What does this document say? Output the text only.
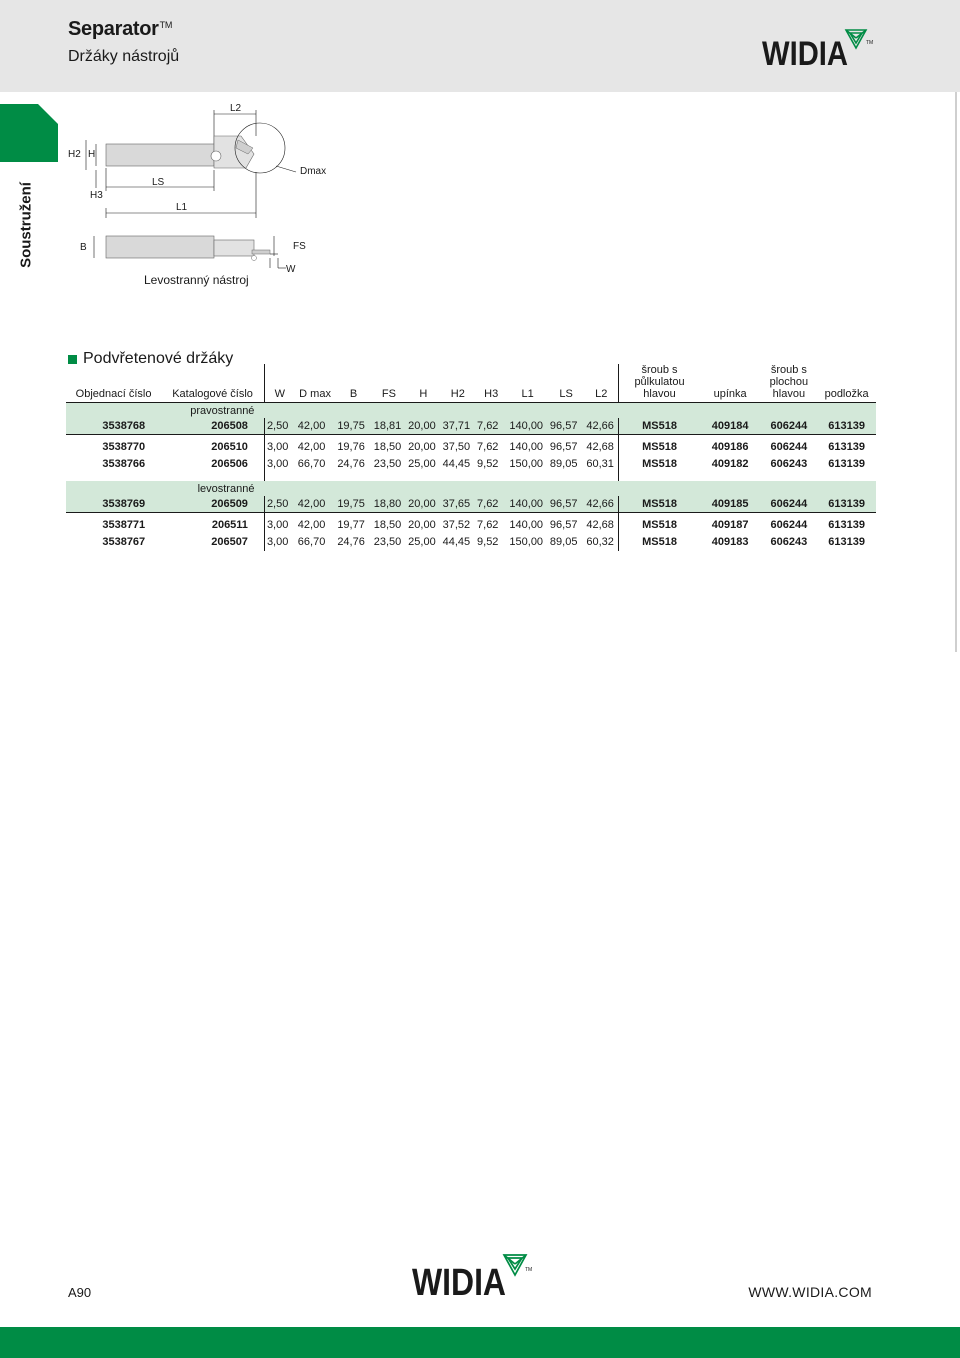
Separator™
Držáky nástrojů	WIDIA	TM
Soustružení
L2
Dmax
H2 H
LS
H3
L1
B	FS
W
Levostranný nástroj
Podvřetenové držáky
Objednací číslo	Katalogové číslo	W	D max	B	FS	H	H2	H3	L1	LS	L2	šroub s
půlkulatou
hlavou	upínka	šroub s
plochou
hlavou	podložka
	pravostranné														
3538768	206508	2,50	42,00	19,75	18,81	20,00	37,71	7,62	140,00	96,57	42,66	MS518	409184	606244	613139

3538770	206510	3,00	42,00	19,76	18,50	20,00	37,50	7,62	140,00	96,57	42,68	MS518	409186	606244	613139
3538766	206506	3,00	66,70	24,76	23,50	25,00	44,45	9,52	150,00	89,05	60,31	MS518	409182	606243	613139

	levostranné														
3538769	206509	2,50	42,00	19,75	18,80	20,00	37,65	7,62	140,00	96,57	42,66	MS518	409185	606244	613139

3538771	206511	3,00	42,00	19,77	18,50	20,00	37,52	7,62	140,00	96,57	42,68	MS518	409187	606244	613139
3538767	206507	3,00	66,70	24,76	23,50	25,00	44,45	9,52	150,00	89,05	60,32	MS518	409183	606243	613139
A90	WIDIA	TM
WWW.WIDIA.COM
